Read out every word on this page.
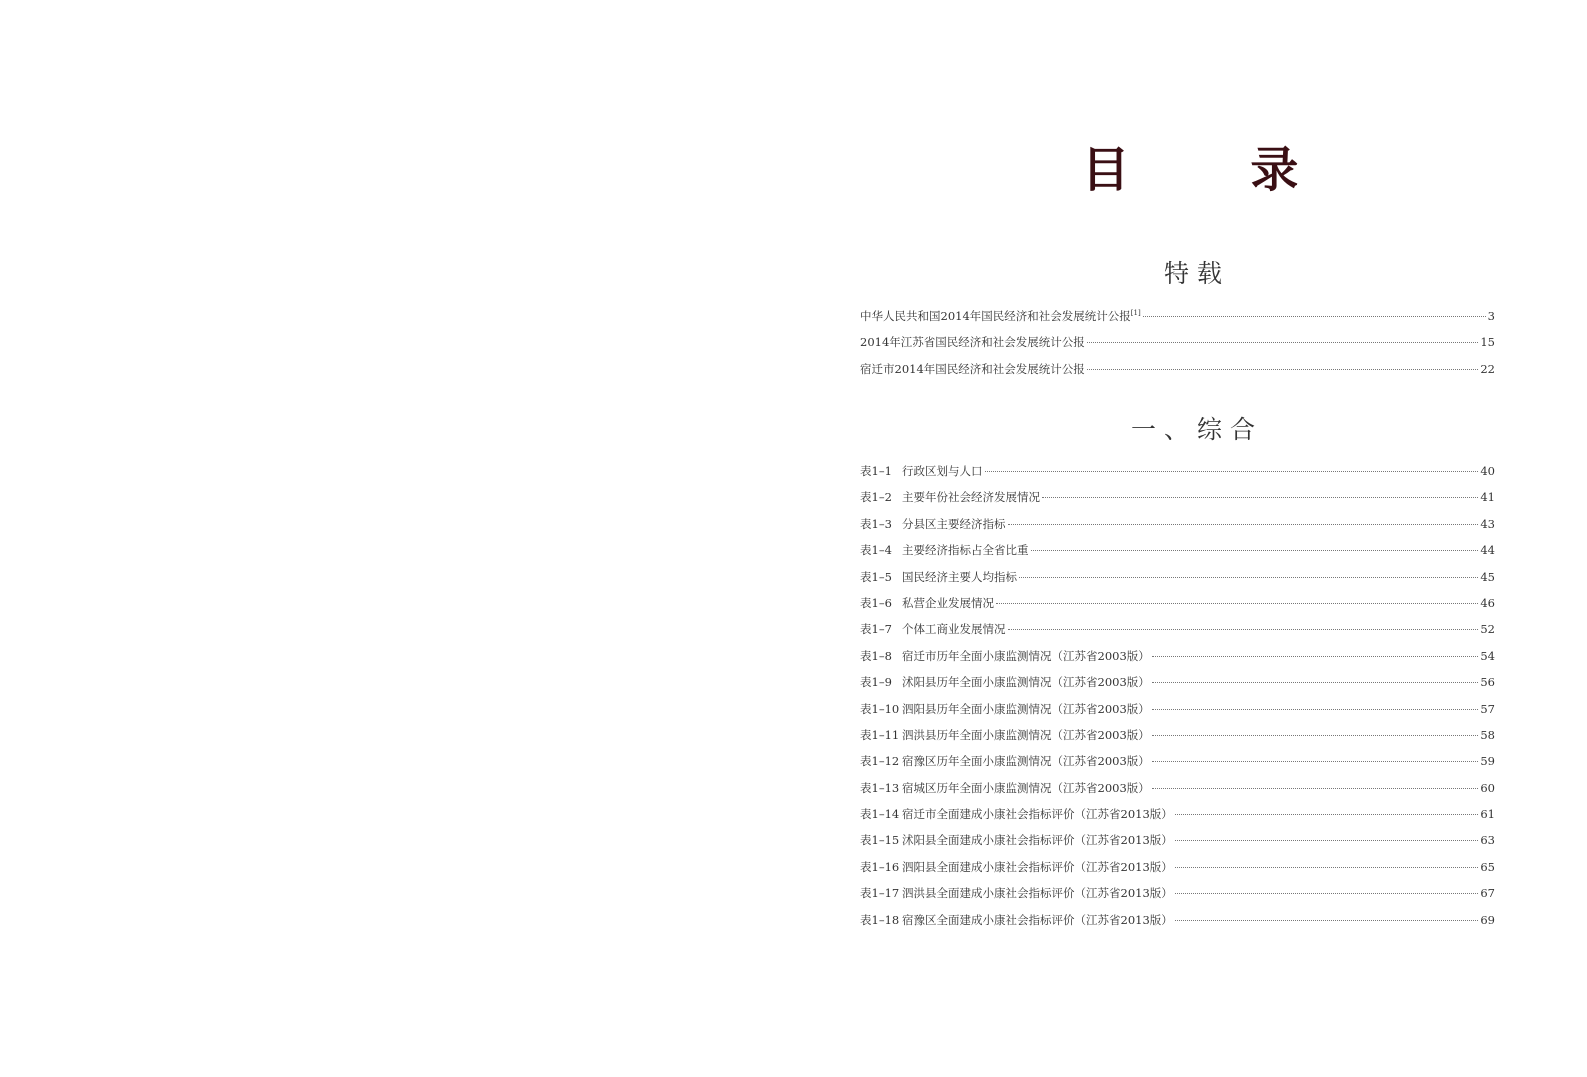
目 录
特载
中华人民共和国2014年国民经济和社会发展统计公报[1]	3
2014年江苏省国民经济和社会发展统计公报	15
宿迁市2014年国民经济和社会发展统计公报	22
一、综合
表1–1 行政区划与人口	40
表1–2 主要年份社会经济发展情况	41
表1–3 分县区主要经济指标	43
表1–4 主要经济指标占全省比重	44
表1–5 国民经济主要人均指标	45
表1–6 私营企业发展情况	46
表1–7 个体工商业发展情况	52
表1–8 宿迁市历年全面小康监测情况（江苏省2003版）	54
表1–9 沭阳县历年全面小康监测情况（江苏省2003版）	56
表1–10 泗阳县历年全面小康监测情况（江苏省2003版）	57
表1–11 泗洪县历年全面小康监测情况（江苏省2003版）	58
表1–12 宿豫区历年全面小康监测情况（江苏省2003版）	59
表1–13 宿城区历年全面小康监测情况（江苏省2003版）	60
表1–14 宿迁市全面建成小康社会指标评价（江苏省2013版）	61
表1–15 沭阳县全面建成小康社会指标评价（江苏省2013版）	63
表1–16 泗阳县全面建成小康社会指标评价（江苏省2013版）	65
表1–17 泗洪县全面建成小康社会指标评价（江苏省2013版）	67
表1–18 宿豫区全面建成小康社会指标评价（江苏省2013版）	69
